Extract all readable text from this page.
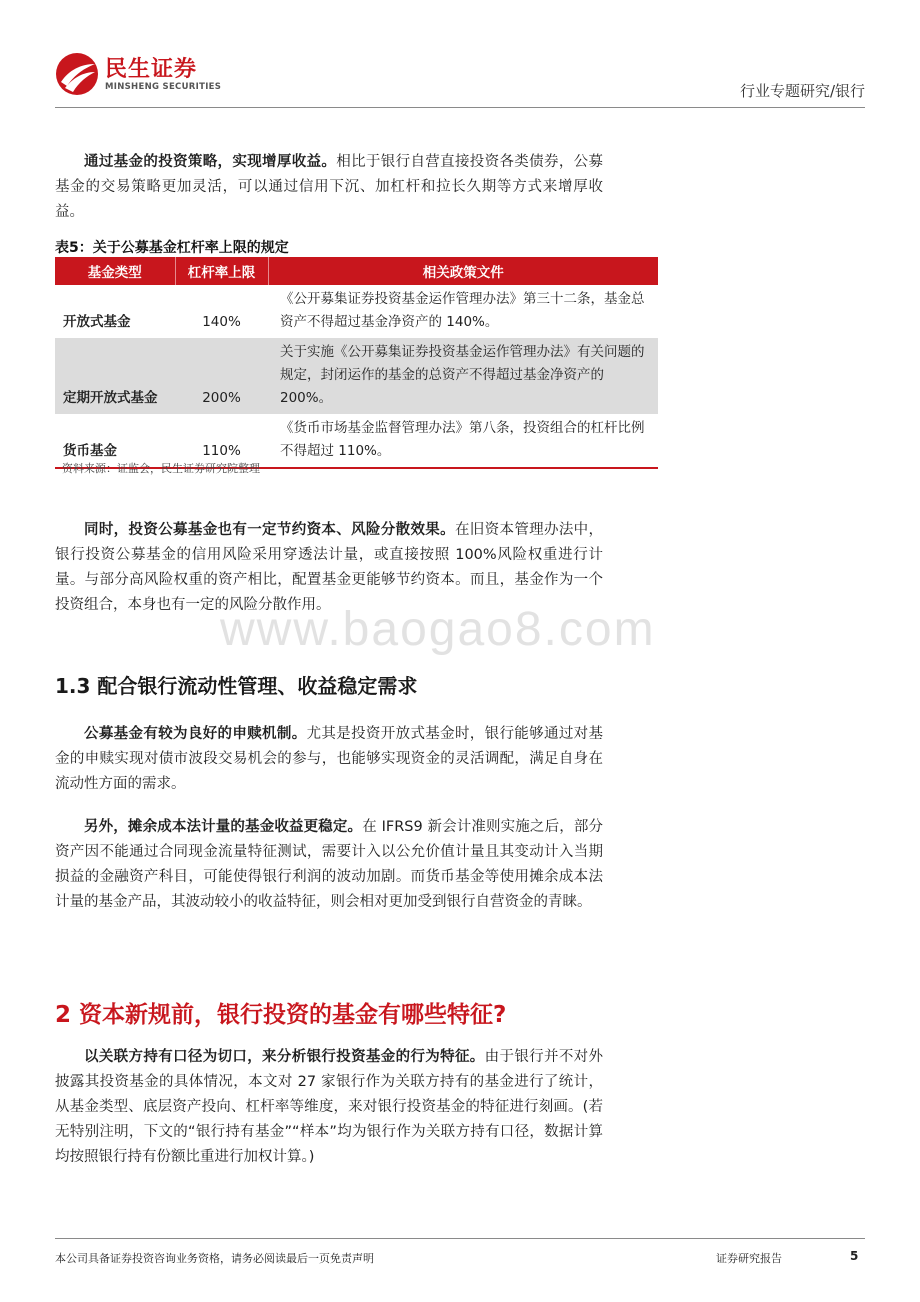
民生证券
MINSHENG SECURITIES	行业专题研究/银行

通过基金的投资策略，实现增厚收益。相比于银行自营直接投资各类债券，公募基金的交易策略更加灵活，可以通过信用下沉、加杠杆和拉长久期等方式来增厚收益。

表5：关于公募基金杠杆率上限的规定
基金类型	杠杆率上限	相关政策文件
开放式基金	140%	《公开募集证券投资基金运作管理办法》第三十二条，基金总资产不得超过基金净资产的 140%。
定期开放式基金	200%	关于实施《公开募集证券投资基金运作管理办法》有关问题的规定，封闭运作的基金的总资产不得超过基金净资产的200%。
货币基金	110%	《货币市场基金监督管理办法》第八条，投资组合的杠杆比例不得超过 110%。
资料来源：证监会，民生证券研究院整理

同时，投资公募基金也有一定节约资本、风险分散效果。在旧资本管理办法中，银行投资公募基金的信用风险采用穿透法计量，或直接按照 100%风险权重进行计量。与部分高风险权重的资产相比，配置基金更能够节约资本。而且，基金作为一个投资组合，本身也有一定的风险分散作用。

www.baogao8.com
1.3 配合银行流动性管理、收益稳定需求

公募基金有较为良好的申赎机制。尤其是投资开放式基金时，银行能够通过对基金的申赎实现对债市波段交易机会的参与，也能够实现资金的灵活调配，满足自身在流动性方面的需求。

另外，摊余成本法计量的基金收益更稳定。在 IFRS9 新会计准则实施之后，部分资产因不能通过合同现金流量特征测试，需要计入以公允价值计量且其变动计入当期损益的金融资产科目，可能使得银行利润的波动加剧。而货币基金等使用摊余成本法计量的基金产品，其波动较小的收益特征，则会相对更加受到银行自营资金的青睐。

2 资本新规前，银行投资的基金有哪些特征?

以关联方持有口径为切口，来分析银行投资基金的行为特征。由于银行并不对外披露其投资基金的具体情况，本文对 27 家银行作为关联方持有的基金进行了统计，从基金类型、底层资产投向、杠杆率等维度，来对银行投资基金的特征进行刻画。(若无特别注明，下文的“银行持有基金”“样本”均为银行作为关联方持有口径，数据计算均按照银行持有份额比重进行加权计算。)

本公司具备证券投资咨询业务资格，请务必阅读最后一页免责声明	证券研究报告	5
